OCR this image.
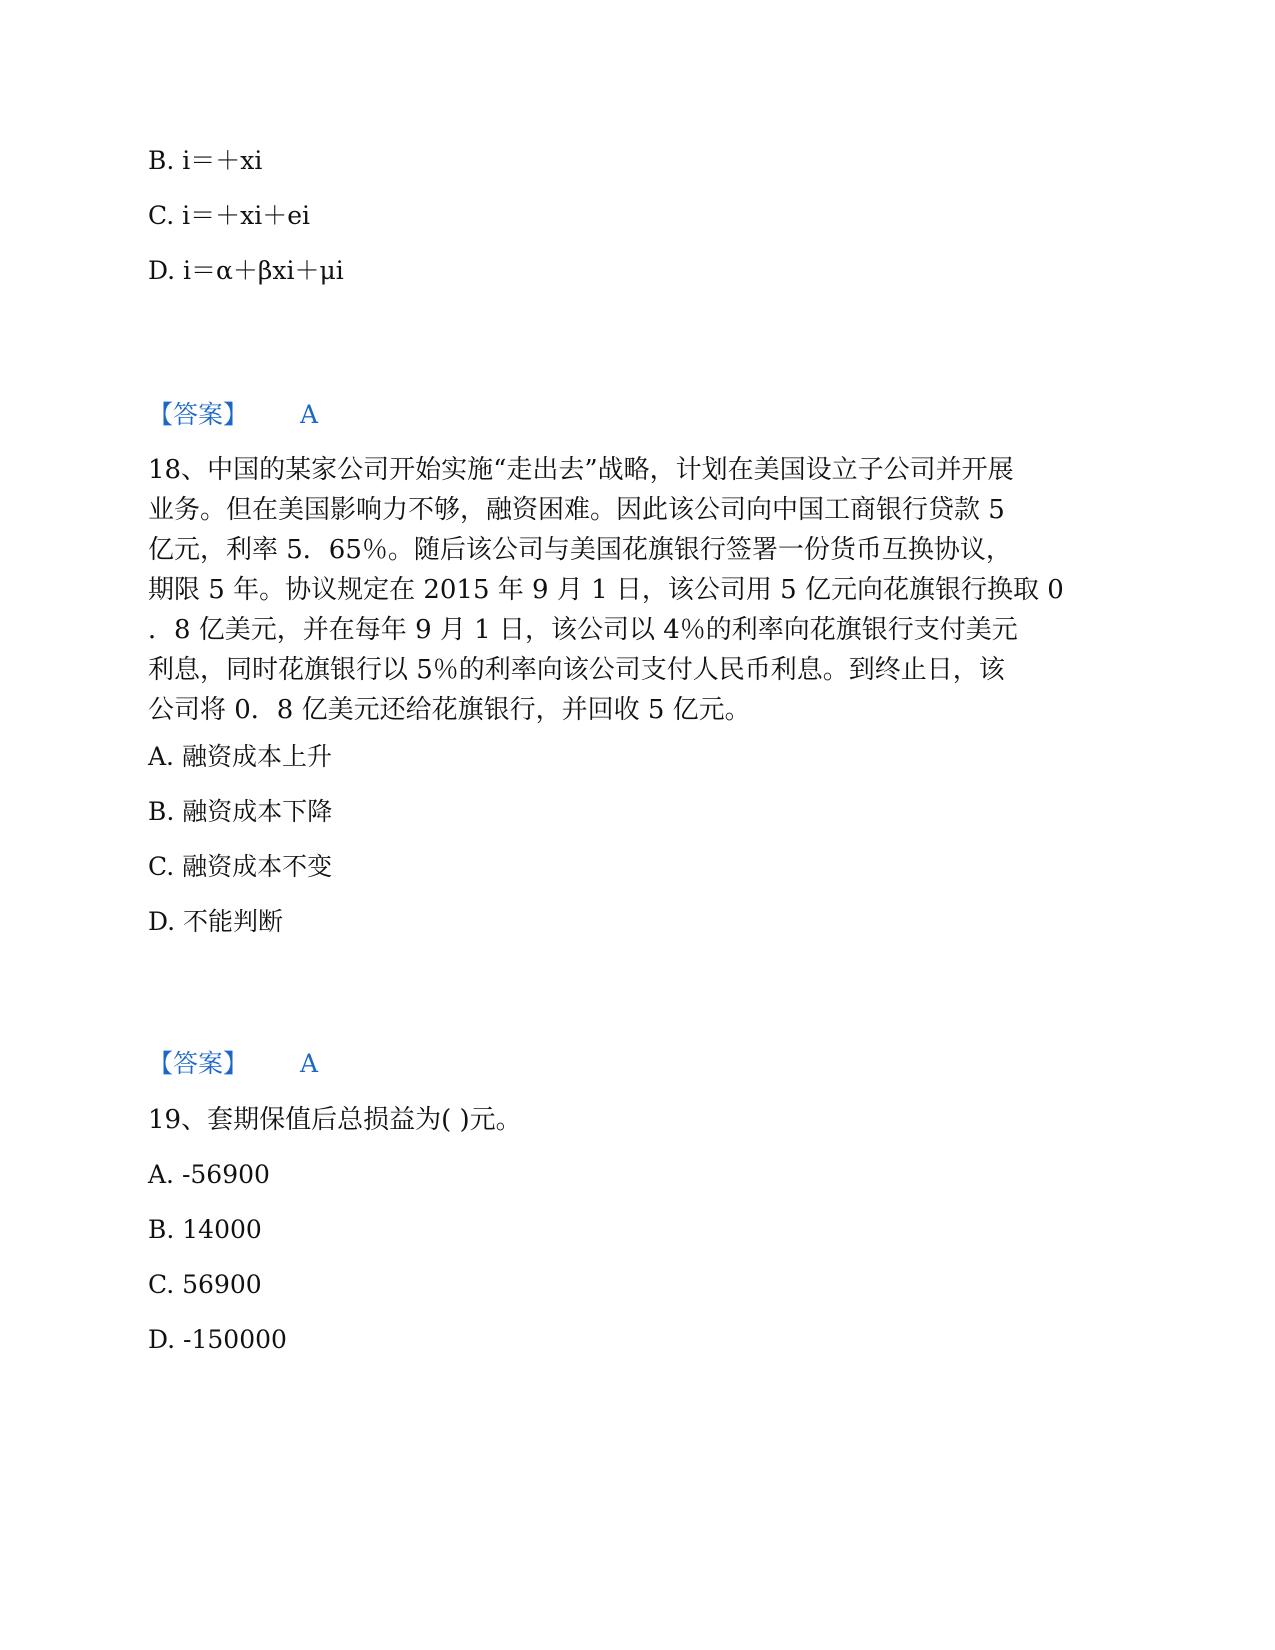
B. i＝＋xi
C. i＝＋xi＋ei
D. i＝α＋βxi＋μi
【答案】 A
18、中国的某家公司开始实施“走出去”战略，计划在美国设立子公司并开展
业务。但在美国影响力不够，融资困难。因此该公司向中国工商银行贷款 5
亿元，利率 5．65％。随后该公司与美国花旗银行签署一份货币互换协议，
期限 5 年。协议规定在 2015 年 9 月 1 日，该公司用 5 亿元向花旗银行换取 0
．8 亿美元，并在每年 9 月 1 日，该公司以 4％的利率向花旗银行支付美元
利息，同时花旗银行以 5％的利率向该公司支付人民币利息。到终止日，该
公司将 0．8 亿美元还给花旗银行，并回收 5 亿元。
A. 融资成本上升
B. 融资成本下降
C. 融资成本不变
D. 不能判断
【答案】 A
19、套期保值后总损益为( )元。
A. -56900
B. 14000
C. 56900
D. -150000
